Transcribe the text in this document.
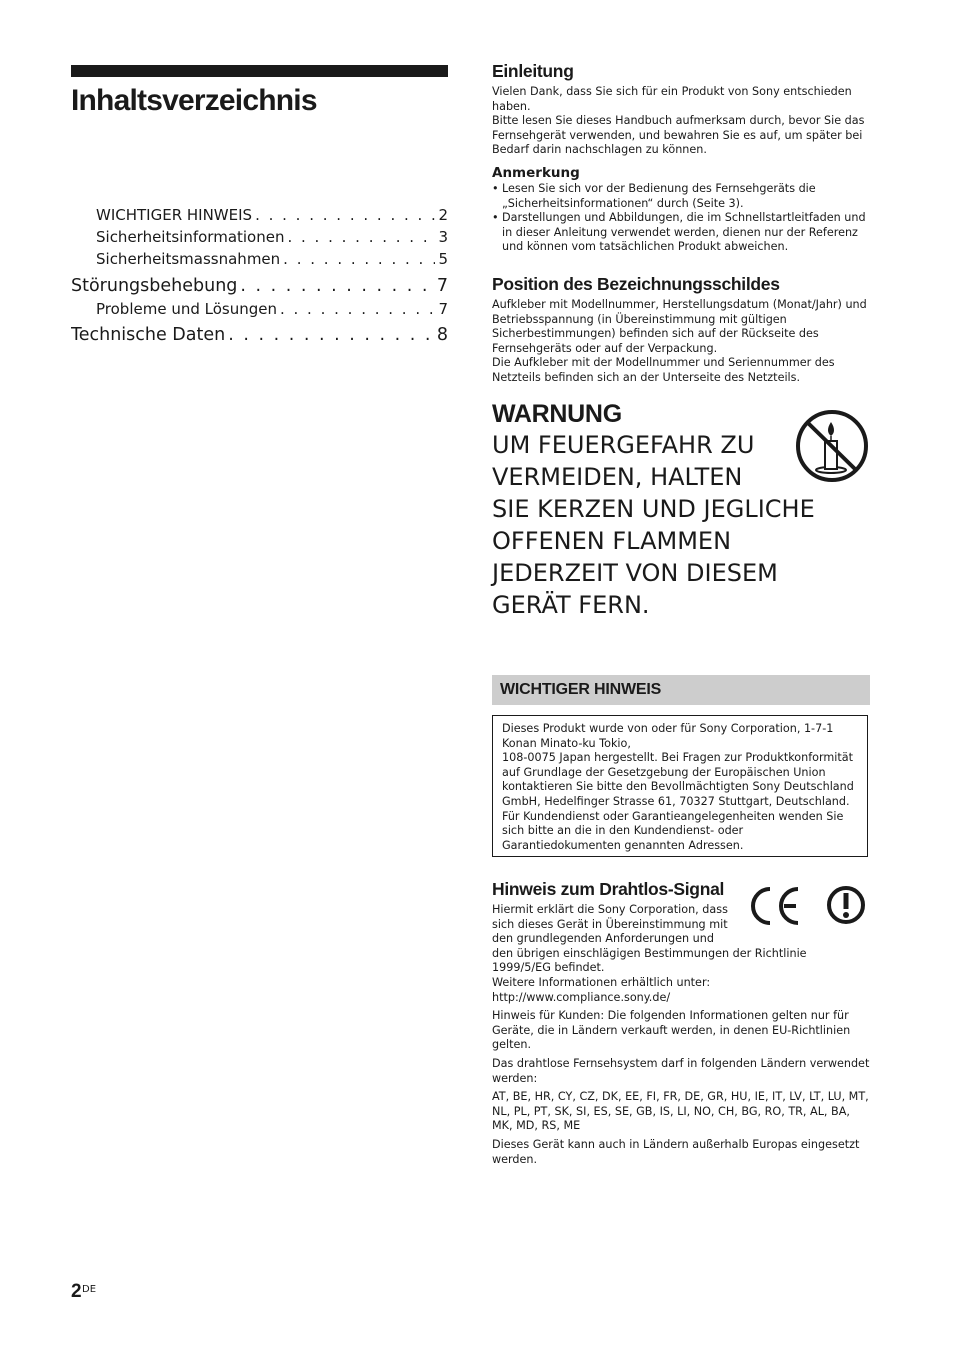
Inhaltsverzeichnis
WICHTIGER HINWEIS . . .	2
Sicherheitsinformationen . . .	3
Sicherheitsmassnahmen . . .	5
Störungsbehebung . . .	7
Probleme und Lösungen . . .	7
Technische Daten . . .	8
Einleitung

Vielen Dank, dass Sie sich für ein Produkt von Sony entschieden haben.

Bitte lesen Sie dieses Handbuch aufmerksam durch, bevor Sie das Fernsehgerät verwenden, und bewahren Sie es auf, um später bei Bedarf darin nachschlagen zu können.

Anmerkung
• Lesen Sie sich vor der Bedienung des Fernsehgeräts die „Sicherheitsinformationen“ durch (Seite 3).
• Darstellungen und Abbildungen, die im Schnellstartleitfaden und in dieser Anleitung verwendet werden, dienen nur der Referenz und können vom tatsächlichen Produkt abweichen.
Position des Bezeichnungsschildes

Aufkleber mit Modellnummer, Herstellungsdatum (Monat/Jahr) und Betriebsspannung (in Übereinstimmung mit gültigen Sicherbestimmungen) befinden sich auf der Rückseite des Fernsehgeräts oder auf der Verpackung.

Die Aufkleber mit der Modellnummer und Seriennummer des Netzteils befinden sich an der Unterseite des Netzteils.

WARNUNG
UM FEUERGEFAHR ZU
VERMEIDEN, HALTEN
SIE KERZEN UND JEGLICHE
OFFENEN FLAMMEN
JEDERZEIT VON DIESEM
GERÄT FERN.
WICHTIGER HINWEIS
Dieses Produkt wurde von oder für Sony Corporation, 1-7-1
Konan Minato-ku Tokio,
108-0075 Japan hergestellt. Bei Fragen zur Produktkonformität
auf Grundlage der Gesetzgebung der Europäischen Union
kontaktieren Sie bitte den Bevollmächtigten Sony Deutschland
GmbH, Hedelfinger Strasse 61, 70327 Stuttgart, Deutschland.
Für Kundendienst oder Garantieangelegenheiten wenden Sie
sich bitte an die in den Kundendienst- oder
Garantiedokumenten genannten Adressen.
Hinweis zum Drahtlos-Signal
Hiermit erklärt die Sony Corporation, dass
sich dieses Gerät in Übereinstimmung mit
den grundlegenden Anforderungen und
den übrigen einschlägigen Bestimmungen der Richtlinie
1999/5/EG befindet.
Weitere Informationen erhältlich unter:
http://www.compliance.sony.de/

Hinweis für Kunden: Die folgenden Informationen gelten nur für Geräte, die in Ländern verkauft werden, in denen EU-Richtlinien gelten.

Das drahtlose Fernsehsystem darf in folgenden Ländern verwendet werden:

AT, BE, HR, CY, CZ, DK, EE, FI, FR, DE, GR, HU, IE, IT, LV, LT, LU, MT, NL, PL, PT, SK, SI, ES, SE, GB, IS, LI, NO, CH, BG, RO, TR, AL, BA, MK, MD, RS, ME

Dieses Gerät kann auch in Ländern außerhalb Europas eingesetzt werden.

2 DE
